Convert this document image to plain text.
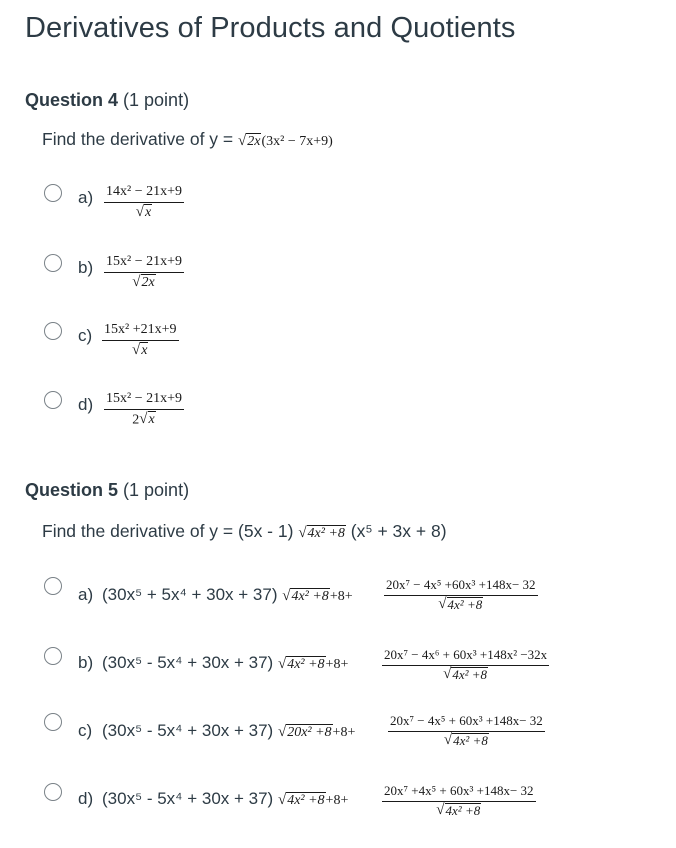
Derivatives of Products and Quotients
Question 4 (1 point)
Find the derivative of y = √ 2x (3x² − 7x+9)
$a) \frac{\text{14x² − 21x+9}}{√ x}$
$b) \frac{\text{15x² − 21x+9}}{√ 2x}$
$c) \frac{\text{15x² +21x+9}}{√ x}$
$d) \frac{\text{15x² − 21x+9}}{2 √ x}$
Question 5 (1 point)
Find the derivative of y = (5x - 1) √ 4x² +8 (x⁵ + 3x + 8)
a) (30x⁵ + 5x⁴ + 30x + 37) √ $4x^2 +8 +8+ \frac{\text{20x⁷ − 4x⁵ +60x³ +148x− 32}}{\text{√ 4x² +8}}$
b) (30x⁵ - 5x⁴ + 30x + 37) √ 4x² +8 +8+	$\frac{\text{20x⁷ − 4x⁶ + 60x³ +148x² −32x}}{\text{√ 4x² +8}}$
c) (30x⁵ - 5x⁴ + 30x + 37) √ 20x² +8 +8+	$\frac{\text{20x⁷ − 4x⁵ + 60x³ +148x− 32}}{\text{√ 4x² +8}}$
d) (30x⁵ - 5x⁴ + 30x + 37) √ 4x² +8 +8+	$\frac{\text{20x⁷ +4x⁵ + 60x³ +148x− 32}}{\text{√ 4x² +8}}$
